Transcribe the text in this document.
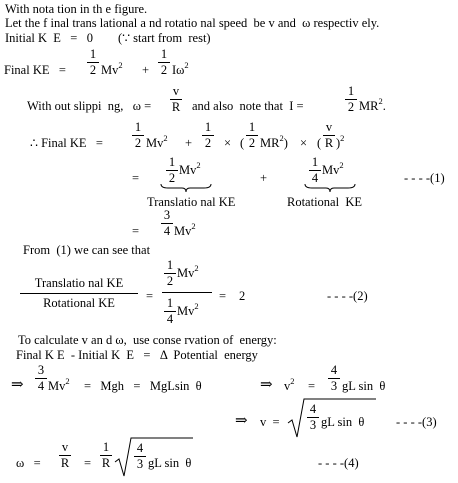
With nota tion in th e figure.
Let the f inal trans lational a nd rotatio nal speed  be v and  ω respectiv ely.
Initial K  E   =   0        (∵ start from  rest)
Final KE   =
1
2 $Mv^2$ +
1
2 $I\omega^2$
With out slippi  ng,   ω =
v
R and also  note that  I =
1
2 $MR^2$.
∴ Final KE   =
1
2 $Mv^2$ +
1
2 × (
1
2 $MR^2$) × (
v
R )$^2$
=
1
2
$Mv^2$
+
1
4
Mv$^2$
- - - -(1)
Translatio nal KE	Rotational  KE
=
3
4 Mv$^2$
From  (1) we can see that
Translatio nal KE
Rotational KE	=
1
2
Mv$^2$
1
4
$Mv^2$
= 2	- - - -(2)
To calculate v an d ω,  use conse rvation of  energy:
Final K E  - Initial K  E   =   Δ  Potential  energy
⇒
3
4 $Mv^2$ =   Mgh   =   MgLsin  θ	⇒ $v^2$ =
4
3 gL sin  θ
⇒ v  =
4
3 gL sin  θ	- - - -(3)
ω   =
v
R =
1
R
4
3 gL sin  θ	- - - -(4)
